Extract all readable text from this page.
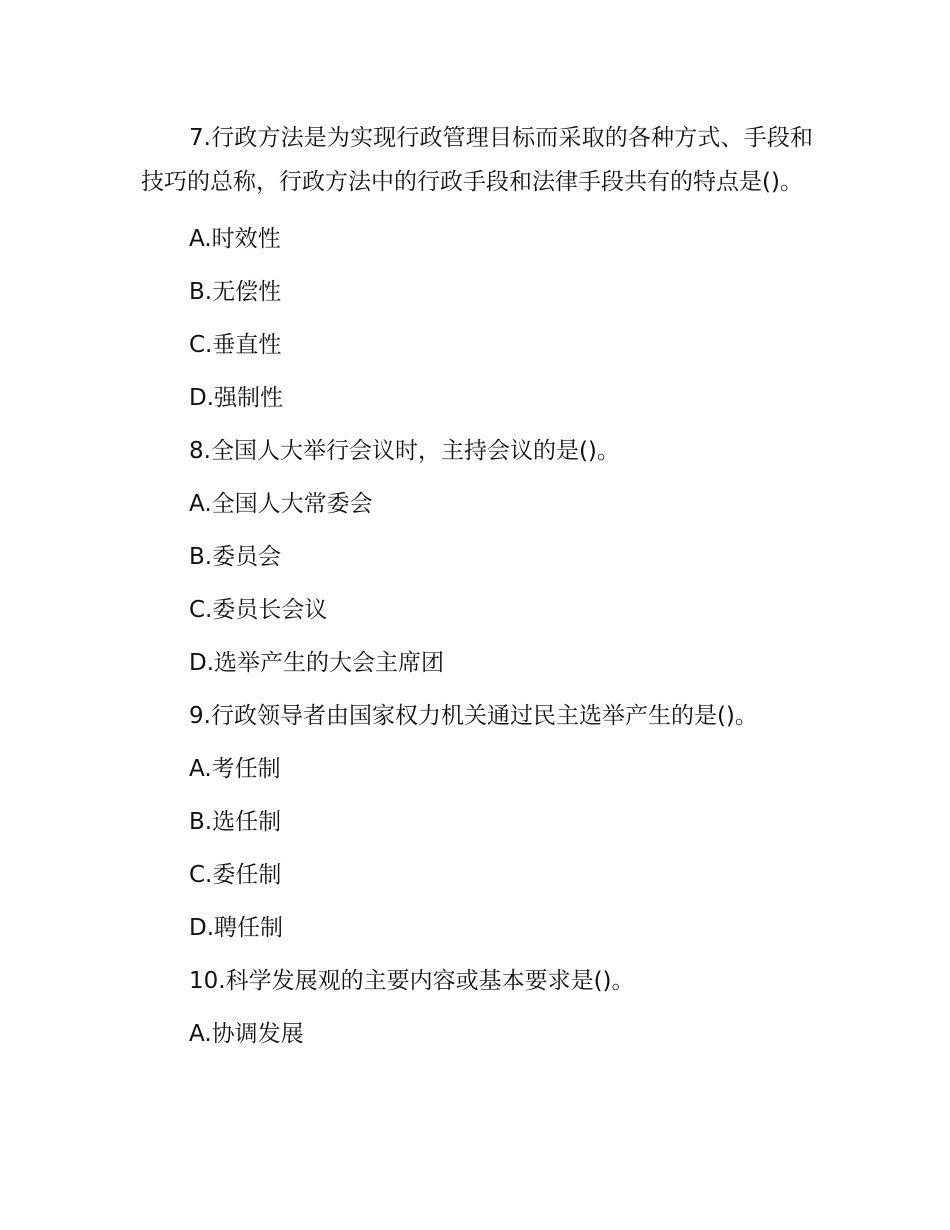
7.行政方法是为实现行政管理目标而采取的各种方式、手段和技巧的总称，行政方法中的行政手段和法律手段共有的特点是()。
A.时效性
B.无偿性
C.垂直性
D.强制性
8.全国人大举行会议时，主持会议的是()。
A.全国人大常委会
B.委员会
C.委员长会议
D.选举产生的大会主席团
9.行政领导者由国家权力机关通过民主选举产生的是()。
A.考任制
B.选任制
C.委任制
D.聘任制
10.科学发展观的主要内容或基本要求是()。
A.协调发展
